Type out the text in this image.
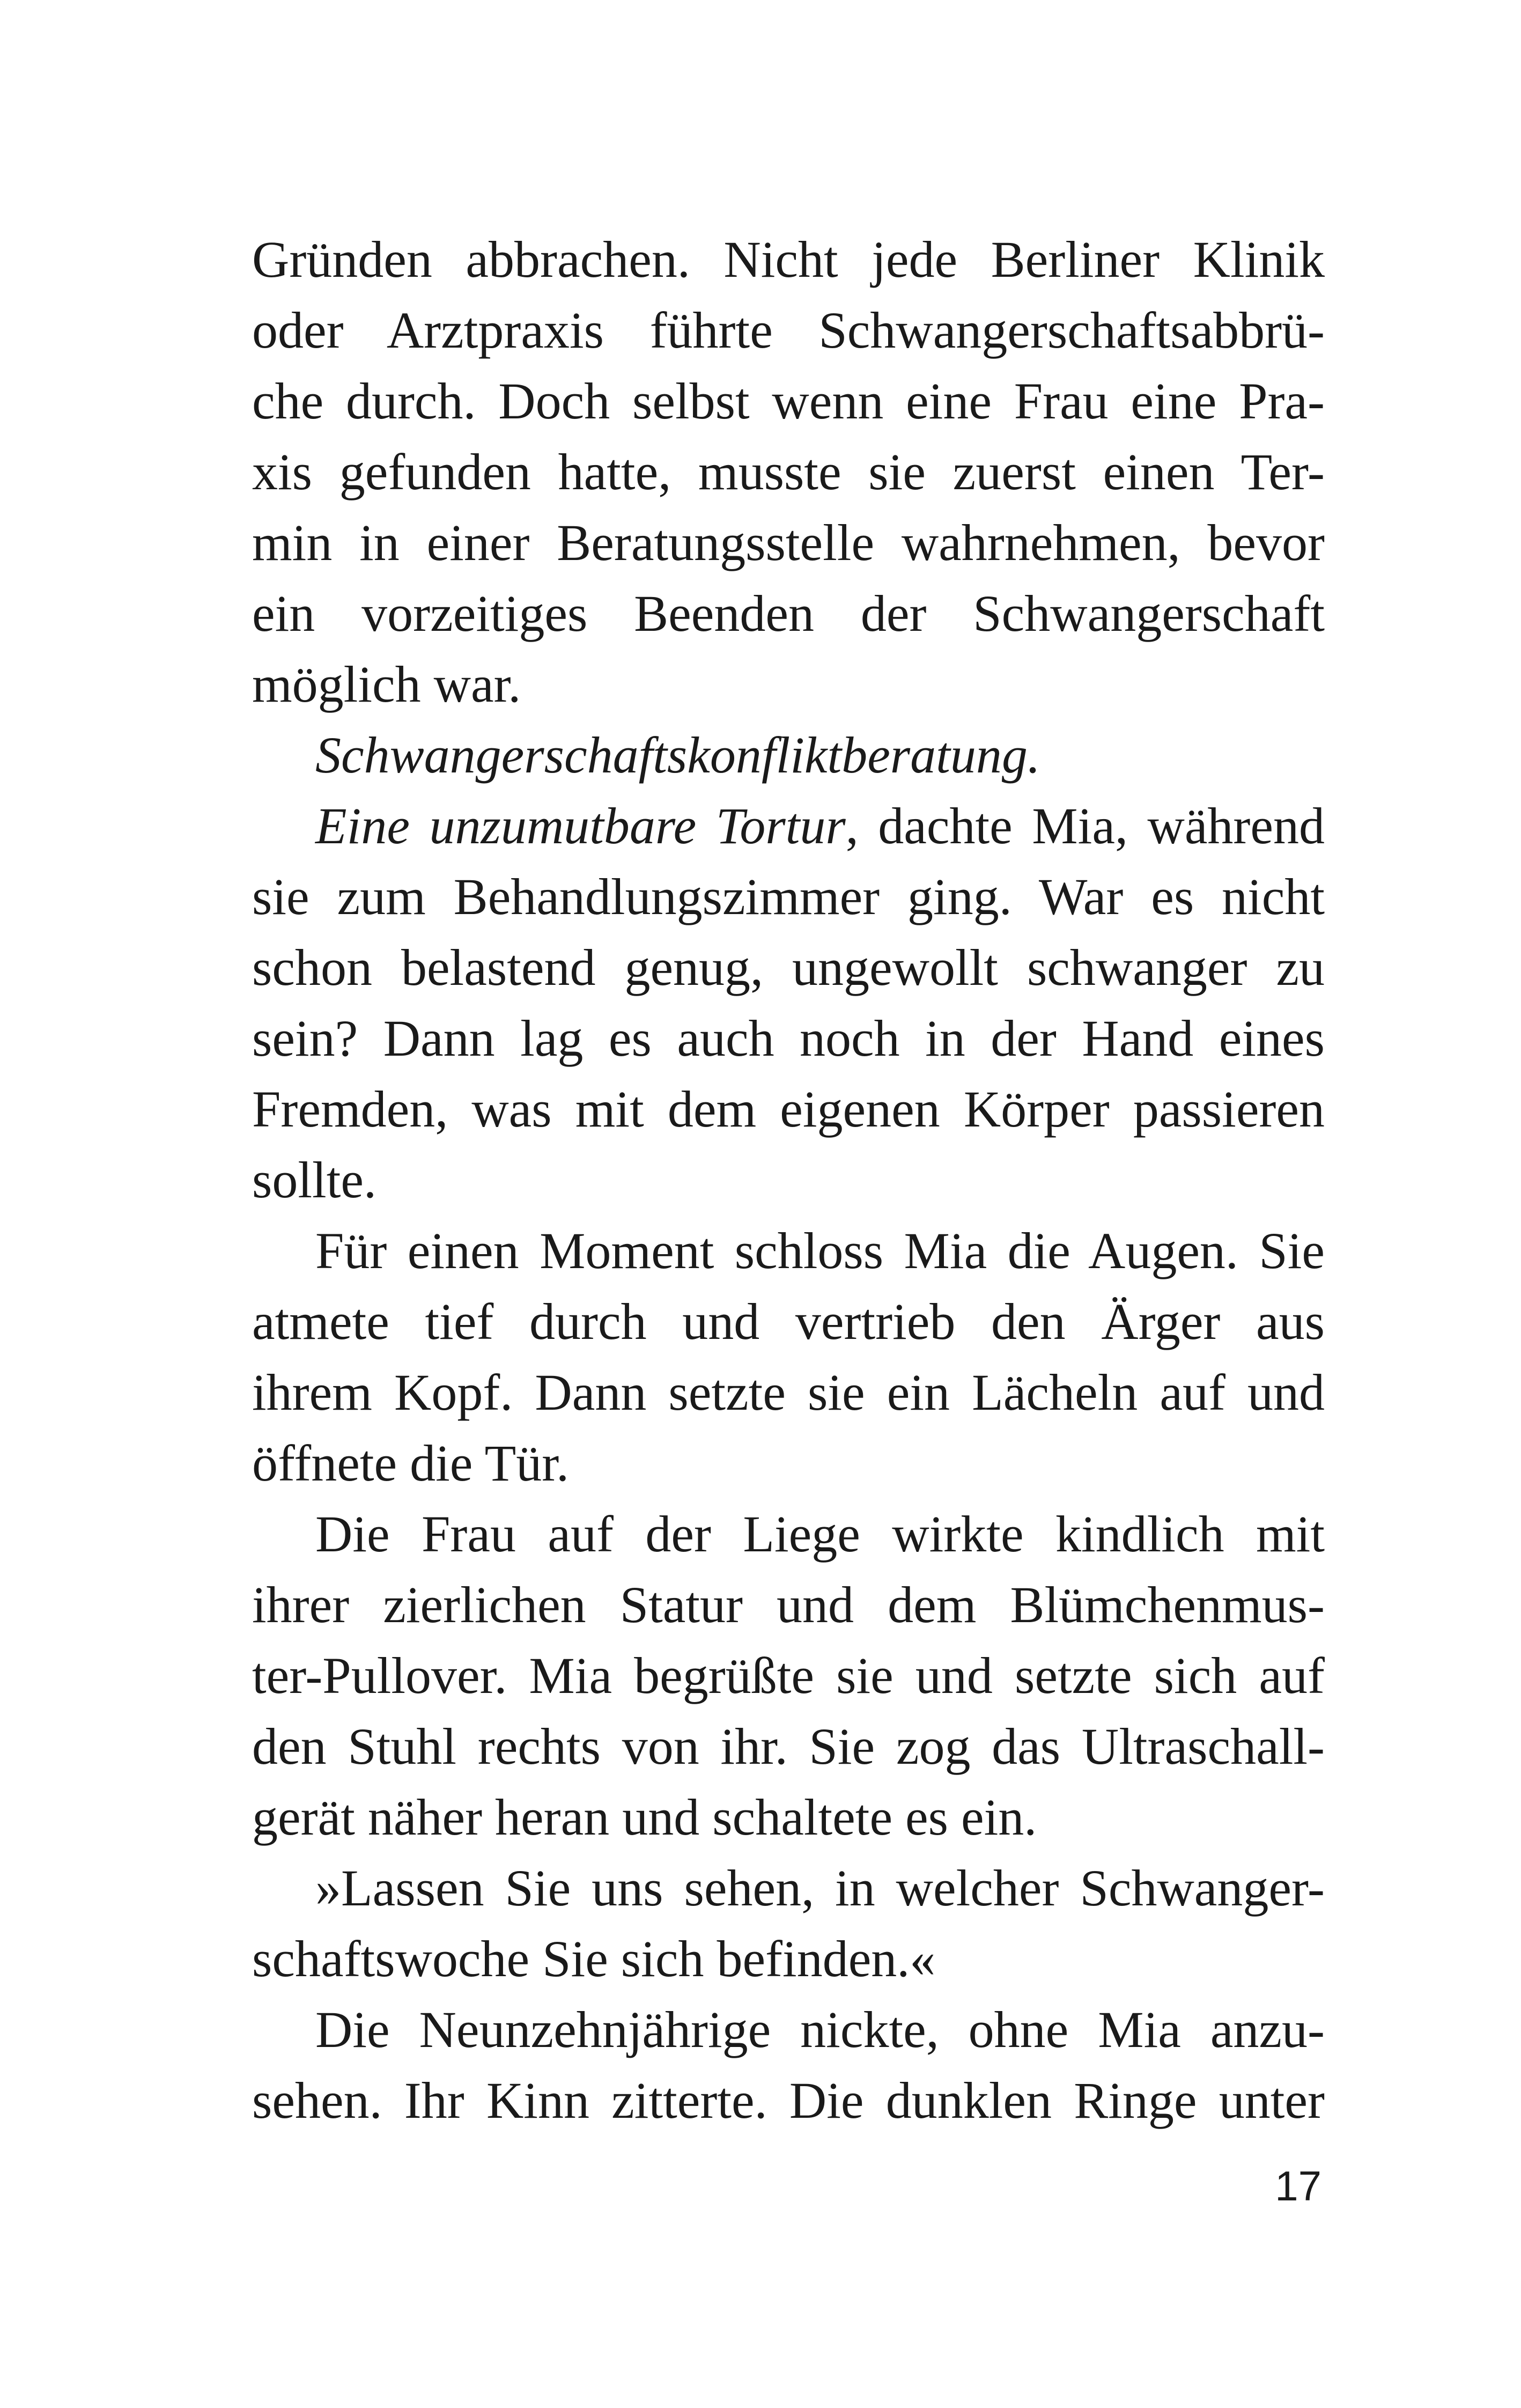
Gründen abbrachen. Nicht jede Berliner Klinik
oder Arztpraxis führte Schwangerschaftsabbrü-
che durch. Doch selbst wenn eine Frau eine Pra-
xis gefunden hatte, musste sie zuerst einen Ter-
min in einer Beratungsstelle wahrnehmen, bevor
ein vorzeitiges Beenden der Schwangerschaft
möglich war.
Schwangerschaftskonfliktberatung.
Eine unzumutbare Tortur, dachte Mia, während
sie zum Behandlungszimmer ging. War es nicht
schon belastend genug, ungewollt schwanger zu
sein? Dann lag es auch noch in der Hand eines
Fremden, was mit dem eigenen Körper passieren
sollte.
Für einen Moment schloss Mia die Augen. Sie
atmete tief durch und vertrieb den Ärger aus
ihrem Kopf. Dann setzte sie ein Lächeln auf und
öffnete die Tür.
Die Frau auf der Liege wirkte kindlich mit
ihrer zierlichen Statur und dem Blümchenmus-
ter-Pullover. Mia begrüßte sie und setzte sich auf
den Stuhl rechts von ihr. Sie zog das Ultraschall-
gerät näher heran und schaltete es ein.
»Lassen Sie uns sehen, in welcher Schwanger-
schaftswoche Sie sich befinden.«
Die Neunzehnjährige nickte, ohne Mia anzu-
sehen. Ihr Kinn zitterte. Die dunklen Ringe unter
17
